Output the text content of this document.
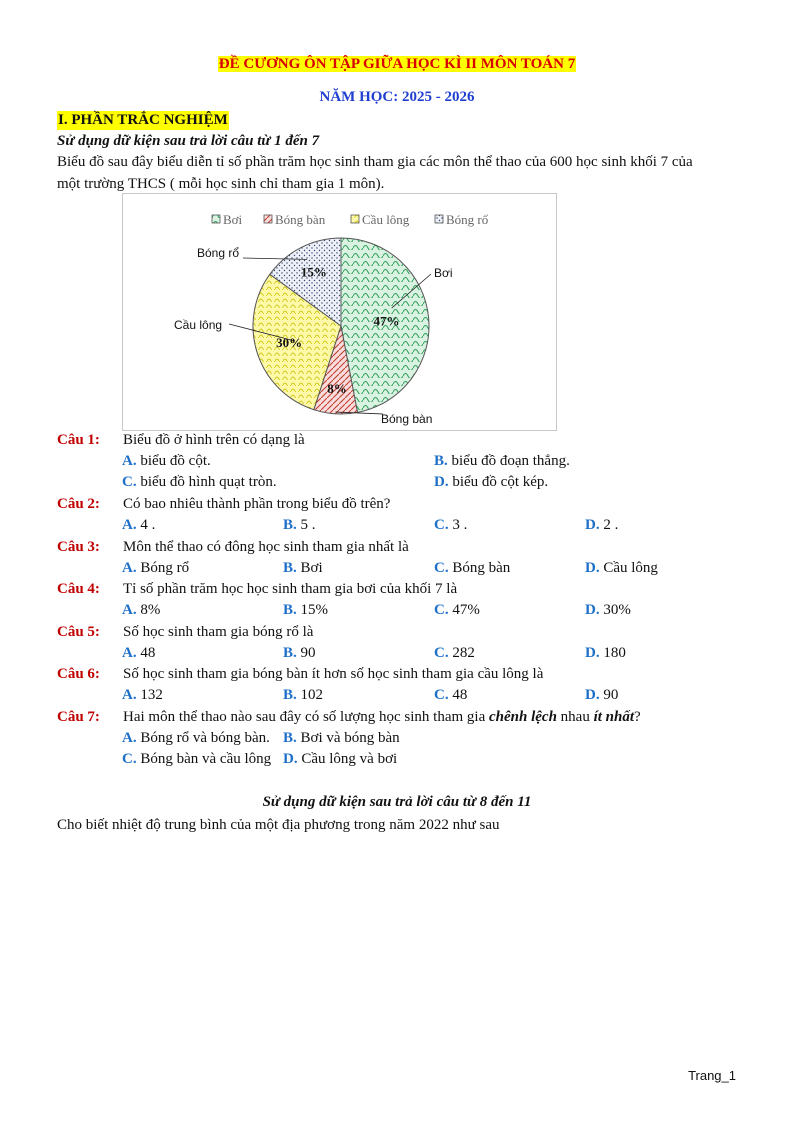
ĐỀ CƯƠNG ÔN TẬP GIỮA HỌC KÌ II MÔN TOÁN 7
NĂM HỌC: 2025 - 2026
I. PHẦN TRẮC NGHIỆM
Sử dụng dữ kiện sau trả lời câu từ 1 đến 7
Biểu đồ sau đây biểu diễn tỉ số phần trăm học sinh tham gia các môn thể thao của 600 học sinh khối 7 của
một trường THCS ( mỗi học sinh chỉ tham gia 1 môn).
Bơi	Bóng bàn	Cầu lông	Bóng rổ
47%
8%
30%
15%	Bơi
Bóng bàn
Cầu lông
Bóng rổ
Câu 1: Biểu đồ ở hình trên có dạng là
A. biểu đồ cột.	B. biểu đồ đoạn thẳng.
C. biểu đồ hình quạt tròn.	D. biểu đồ cột kép.
Câu 2: Có bao nhiêu thành phần trong biểu đồ trên?
A. 4 .	B. 5 .	C. 3 .	D. 2 .
Câu 3: Môn thể thao có đông học sinh tham gia nhất là
A. Bóng rổ	B. Bơi	C. Bóng bàn	D. Cầu lông
Câu 4: Tỉ số phần trăm học học sinh tham gia bơi của khối 7 là
A. 8%	B. 15%	C. 47%	D. 30%
Câu 5: Số học sinh tham gia bóng rổ là
A. 48	B. 90	C. 282	D. 180
Câu 6: Số học sinh tham gia bóng bàn ít hơn số học sinh tham gia cầu lông là
A. 132	B. 102	C. 48	D. 90
Câu 7: Hai môn thể thao nào sau đây có số lượng học sinh tham gia chênh lệch nhau ít nhất?
A. Bóng rổ và bóng bàn. B. Bơi và bóng bàn
C. Bóng bàn và cầu lông D. Cầu lông và bơi
Sử dụng dữ kiện sau trả lời câu từ 8 đến 11
Cho biết nhiệt độ trung bình của một địa phương trong năm 2022 như sau
Trang_1
